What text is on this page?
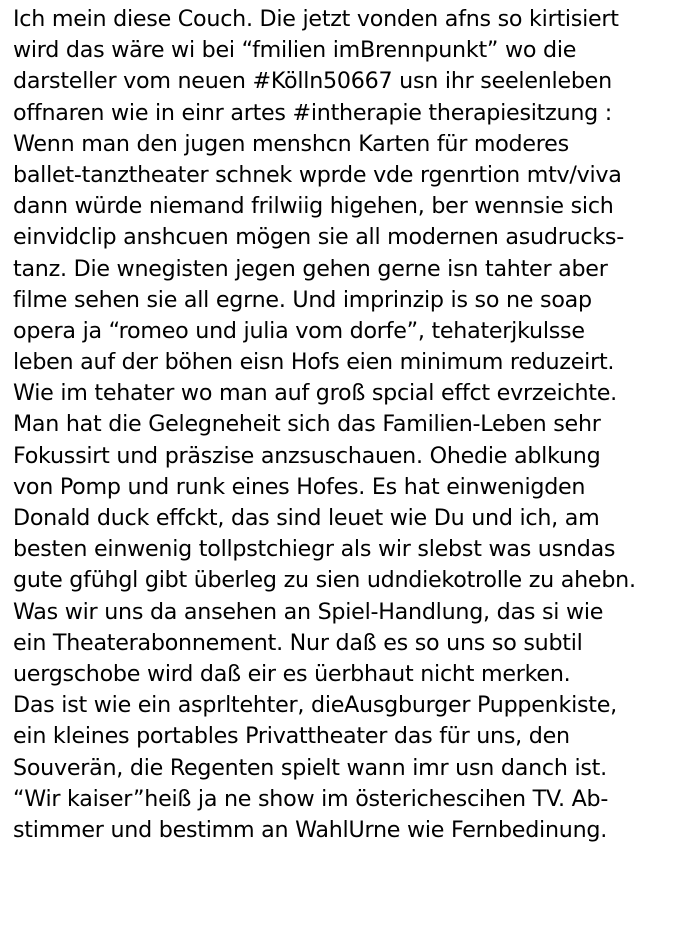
Ich mein diese Couch. Die jetzt vonden afns so kirtisiert
wird das wäre wi bei “fmilien imBrennpunkt” wo die
darsteller vom neuen #Kölln50667 usn ihr seelenleben
offnaren wie in einr artes #intherapie therapiesitzung :
Wenn man den jugen menshcn Karten für moderes
ballet-tanztheater schnek wprde vde rgenrtion mtv/viva
dann würde niemand frilwiig higehen, ber wennsie sich
einvidclip anshcuen mögen sie all modernen asudrucks-
tanz. Die wnegisten jegen gehen gerne isn tahter aber
filme sehen sie all egrne. Und imprinzip is so ne soap
opera ja “romeo und julia vom dorfe”, tehaterjkulsse
leben auf der böhen eisn Hofs eien minimum reduzeirt.
Wie im tehater wo man auf groß spcial effct evrzeichte.
Man hat die Gelegneheit sich das Familien-Leben sehr
Fokussirt und präszise anzsuschauen. Ohedie ablkung
von Pomp und runk eines Hofes. Es hat einwenigden
Donald duck effckt, das sind leuet wie Du und ich, am
besten einwenig tollpstchiegr als wir slebst was usndas
gute gfühgl gibt überleg zu sien udndiekotrolle zu ahebn.
Was wir uns da ansehen an Spiel-Handlung, das si wie
ein Theaterabonnement. Nur daß es so uns so subtil
uergschobe wird daß eir es üerbhaut nicht merken.
Das ist wie ein asprltehter, dieAusgburger Puppenkiste,
ein kleines portables Privattheater das für uns, den
Souverän, die Regenten spielt wann imr usn danch ist.
“Wir kaiser”heiß ja ne show im österichescihen TV. Ab-
stimmer und bestimm an WahlUrne wie Fernbedinung.
